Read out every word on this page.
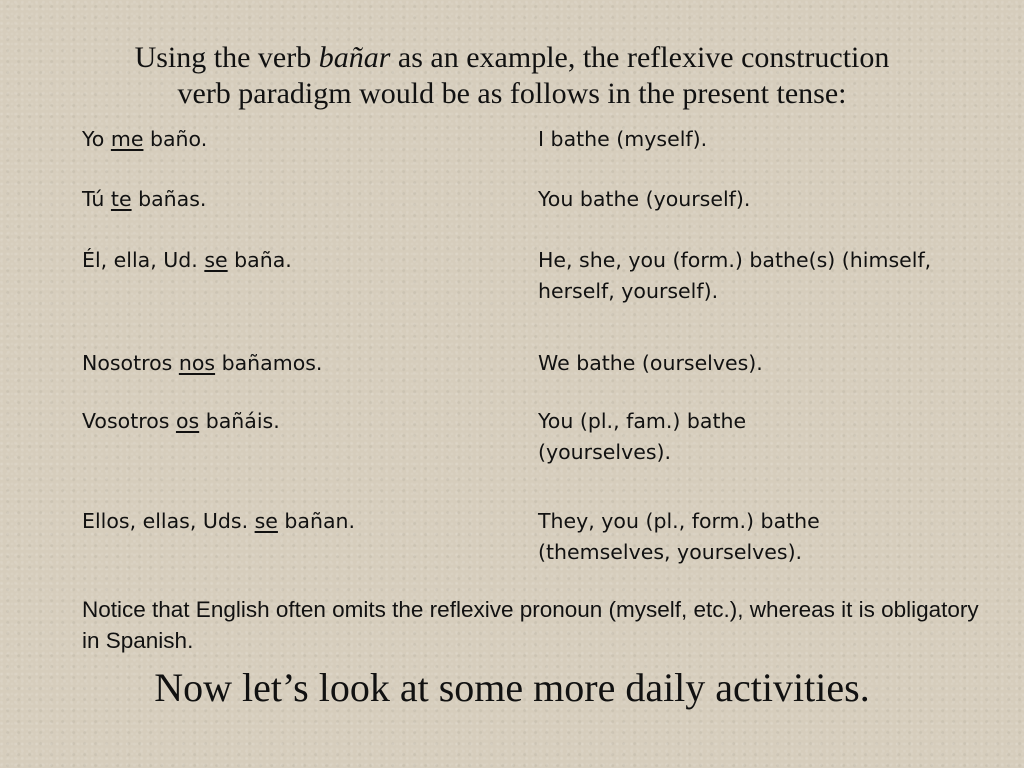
Using the verb bañar as an example, the reflexive construction
verb paradigm would be as follows in the present tense:
Yo me baño.	I bathe (myself).
Tú te bañas.	You bathe (yourself).
Él, ella, Ud. se baña.	He, she, you (form.) bathe(s) (himself, herself, yourself).
Nosotros nos bañamos.	We bathe (ourselves).
Vosotros os bañáis.	You (pl., fam.) bathe (yourselves).
Ellos, ellas, Uds. se bañan.	They, you (pl., form.) bathe (themselves, yourselves).
Notice that English often omits the reflexive pronoun (myself, etc.), whereas it is obligatory in Spanish.
Now let’s look at some more daily activities.
